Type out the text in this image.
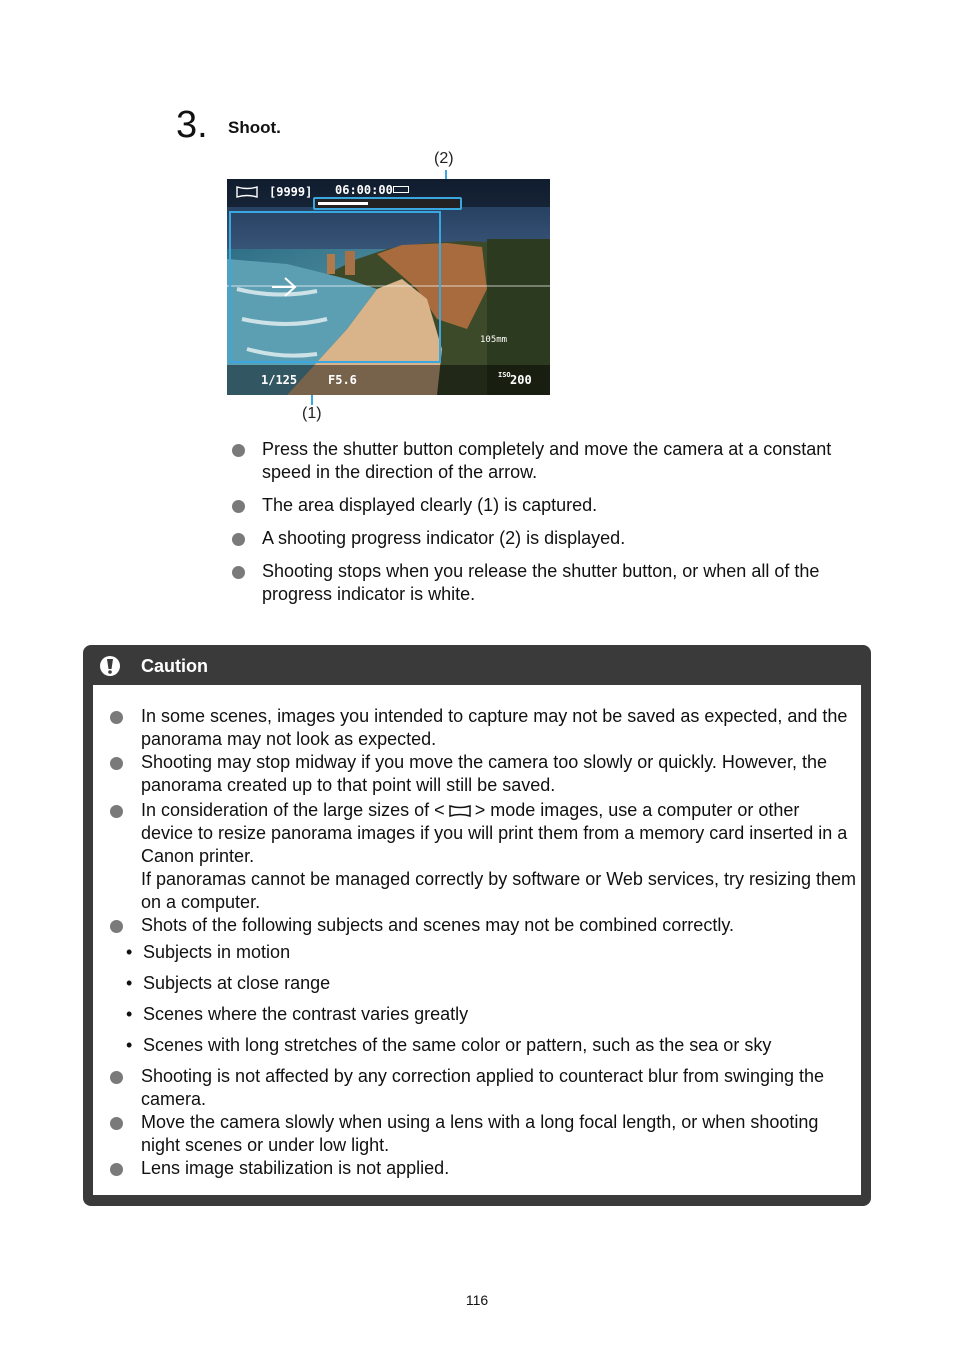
3. Shoot.
(2)
(1)
[9999] 06:00:00
1/125	F5.6
105mm
ISO 200
Press the shutter button completely and move the camera at a constant speed in the direction of the arrow.
The area displayed clearly (1) is captured.
A shooting progress indicator (2) is displayed.
Shooting stops when you release the shutter button, or when all of the progress indicator is white.
Caution
In some scenes, images you intended to capture may not be saved as expected, and the panorama may not look as expected.
Shooting may stop midway if you move the camera too slowly or quickly. However, the panorama created up to that point will still be saved.
In consideration of the large sizes of < > mode images, use a computer or other device to resize panorama images if you will print them from a memory card inserted in a Canon printer.
If panoramas cannot be managed correctly by software or Web services, try resizing them on a computer.
Shots of the following subjects and scenes may not be combined correctly.
• Subjects in motion
• Subjects at close range
• Scenes where the contrast varies greatly
• Scenes with long stretches of the same color or pattern, such as the sea or sky
Shooting is not affected by any correction applied to counteract blur from swinging the camera.
Move the camera slowly when using a lens with a long focal length, or when shooting night scenes or under low light.
Lens image stabilization is not applied.
116
